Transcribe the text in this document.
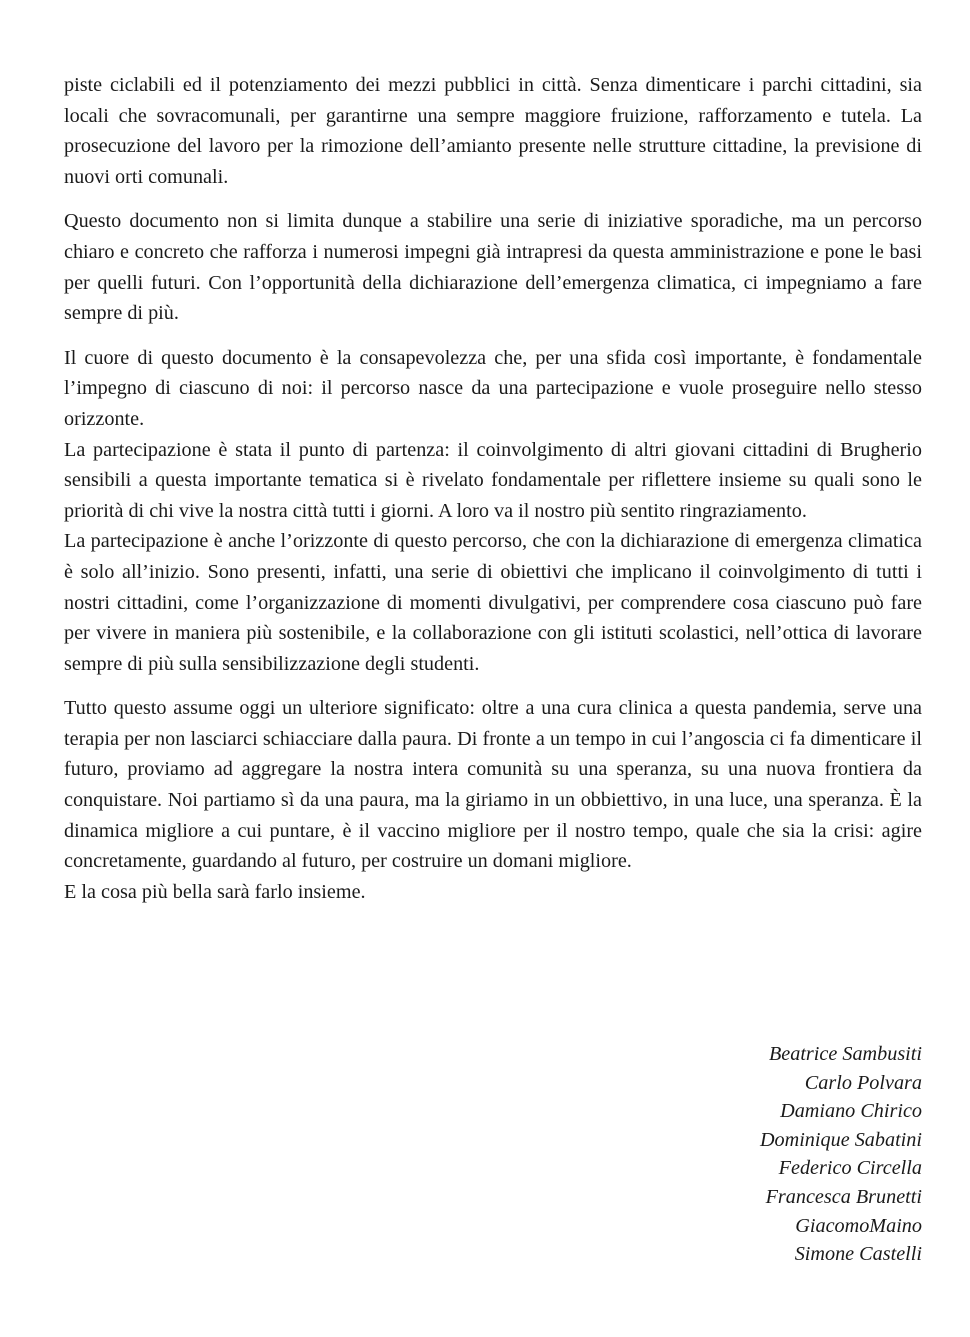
piste ciclabili ed il potenziamento dei mezzi pubblici in città. Senza dimenticare i parchi cittadini, sia locali che sovracomunali, per garantirne una sempre maggiore fruizione, rafforzamento e tutela. La prosecuzione del lavoro per la rimozione dell’amianto presente nelle strutture cittadine, la previsione di nuovi orti comunali.

Questo documento non si limita dunque a stabilire una serie di iniziative sporadiche, ma un percorso chiaro e concreto che rafforza i numerosi impegni già intrapresi da questa amministrazione e pone le basi per quelli futuri. Con l’opportunità della dichiarazione dell’emergenza climatica, ci impegniamo a fare sempre di più.

Il cuore di questo documento è la consapevolezza che, per una sfida così importante, è fondamentale l’impegno di ciascuno di noi: il percorso nasce da una partecipazione e vuole proseguire nello stesso orizzonte.

La partecipazione è stata il punto di partenza: il coinvolgimento di altri giovani cittadini di Brugherio sensibili a questa importante tematica si è rivelato fondamentale per riflettere insieme su quali sono le priorità di chi vive la nostra città tutti i giorni. A loro va il nostro più sentito ringraziamento.

La partecipazione è anche l’orizzonte di questo percorso, che con la dichiarazione di emergenza climatica è solo all’inizio. Sono presenti, infatti, una serie di obiettivi che implicano il coinvolgimento di tutti i nostri cittadini, come l’organizzazione di momenti divulgativi, per comprendere cosa ciascuno può fare per vivere in maniera più sostenibile, e la collaborazione con gli istituti scolastici, nell’ottica di lavorare sempre di più sulla sensibilizzazione degli studenti.

Tutto questo assume oggi un ulteriore significato: oltre a una cura clinica a questa pandemia, serve una terapia per non lasciarci schiacciare dalla paura. Di fronte a un tempo in cui l’angoscia ci fa dimenticare il futuro, proviamo ad aggregare la nostra intera comunità su una speranza, su una nuova frontiera da conquistare. Noi partiamo sì da una paura, ma la giriamo in un obbiettivo, in una luce, una speranza. È la dinamica migliore a cui puntare, è il vaccino migliore per il nostro tempo, quale che sia la crisi: agire concretamente, guardando al futuro, per costruire un domani migliore.

E la cosa più bella sarà farlo insieme.

Beatrice Sambusiti
Carlo Polvara
Damiano Chirico
Dominique Sabatini
Federico Circella
Francesca Brunetti
GiacomoMaino
Simone Castelli
